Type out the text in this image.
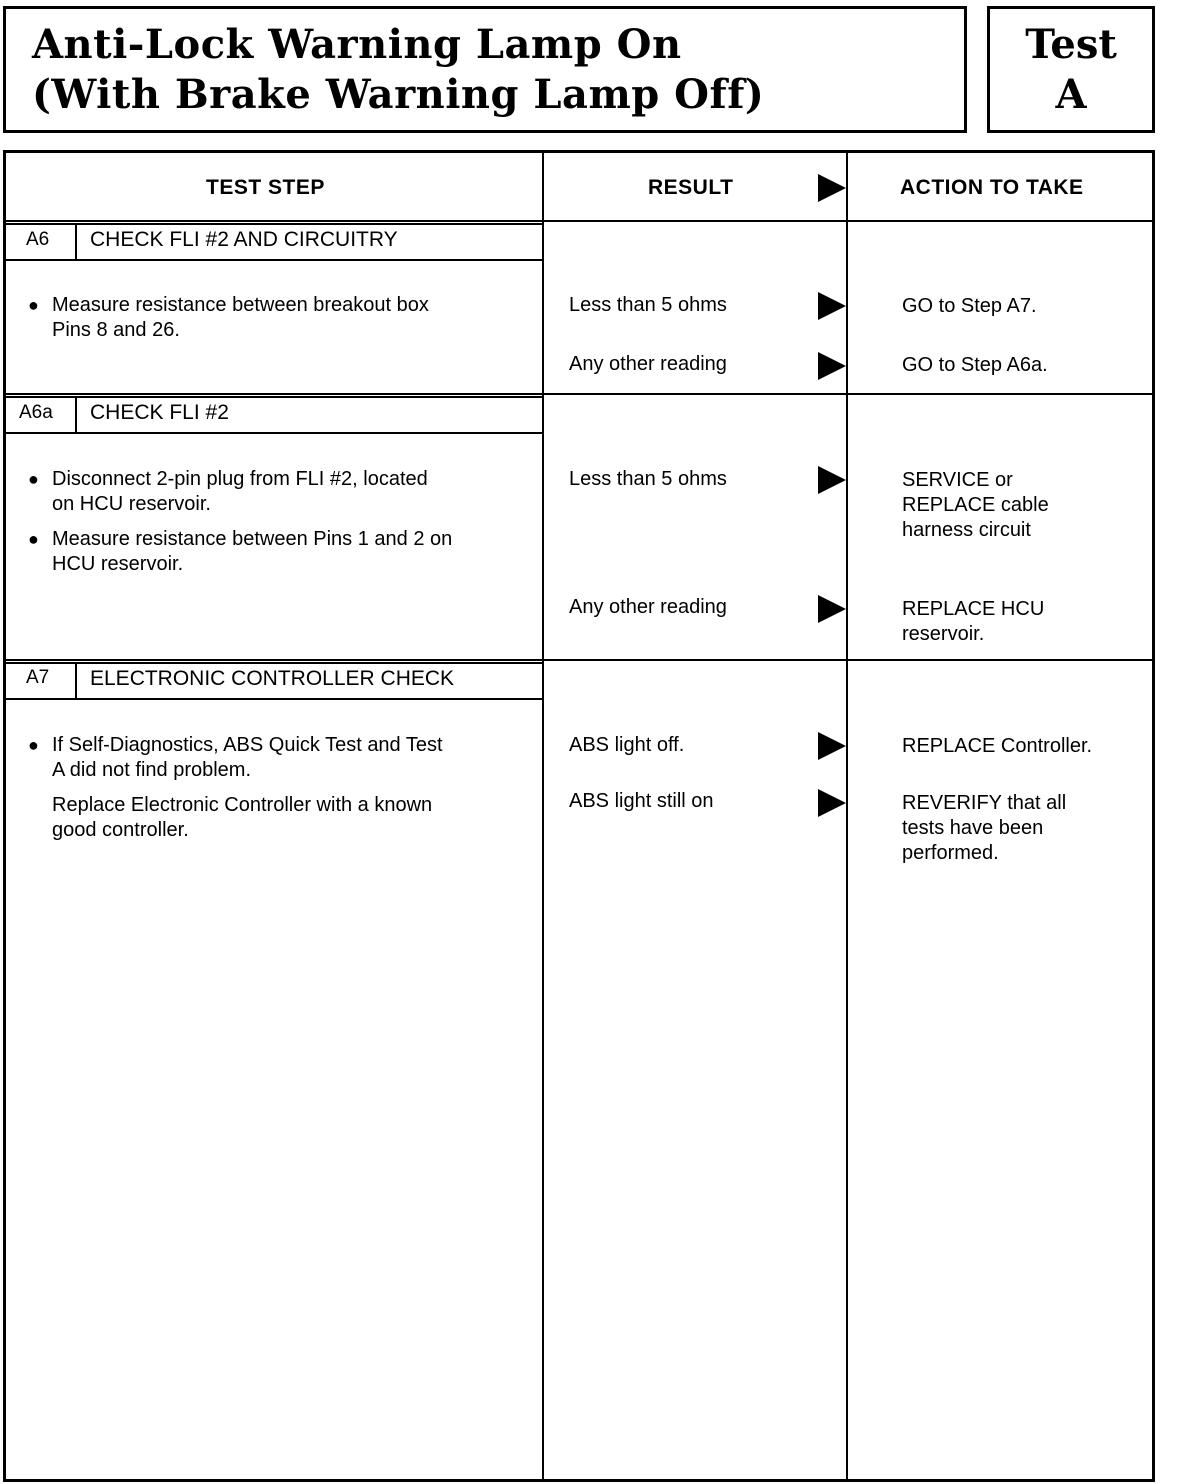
Anti-Lock Warning Lamp On
(With Brake Warning Lamp Off)
Test
A
TEST STEP	RESULT	ACTION TO TAKE
A6 CHECK FLI #2 AND CIRCUITRY
● Measure resistance between breakout box
Pins 8 and 26.
Less than 5 ohms	GO to Step A7.
Any other reading	GO to Step A6a.
A6a CHECK FLI #2
● Disconnect 2-pin plug from FLI #2, located
on HCU reservoir.
● Measure resistance between Pins 1 and 2 on
HCU reservoir.
Less than 5 ohms	SERVICE or
REPLACE cable
harness circuit
Any other reading	REPLACE HCU
reservoir.
A7 ELECTRONIC CONTROLLER CHECK
● If Self-Diagnostics, ABS Quick Test and Test
A did not find problem.
Replace Electronic Controller with a known
good controller.
ABS light off.	REPLACE Controller.
ABS light still on	REVERIFY that all
tests have been
performed.
